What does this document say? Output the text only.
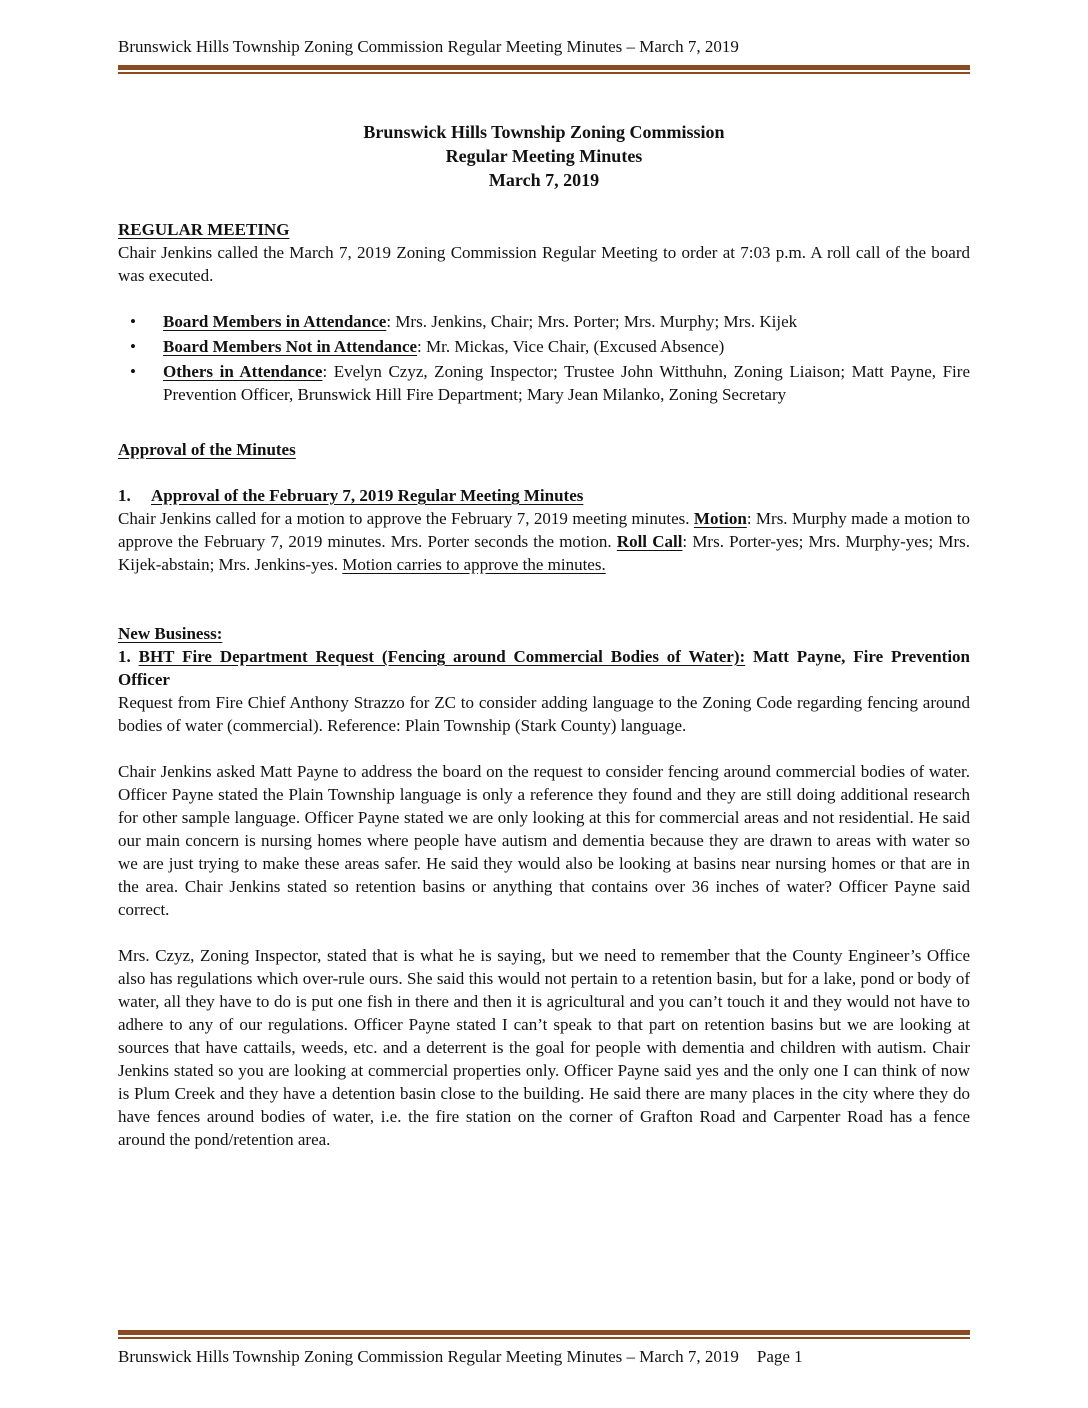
Brunswick Hills Township Zoning Commission Regular Meeting Minutes – March 7, 2019
Brunswick Hills Township Zoning Commission
Regular Meeting Minutes
March 7, 2019
REGULAR MEETING

Chair Jenkins called the March 7, 2019 Zoning Commission Regular Meeting to order at 7:03 p.m. A roll call of the board was executed.

• Board Members in Attendance: Mrs. Jenkins, Chair; Mrs. Porter; Mrs. Murphy; Mrs. Kijek
• Board Members Not in Attendance: Mr. Mickas, Vice Chair, (Excused Absence)
• Others in Attendance: Evelyn Czyz, Zoning Inspector; Trustee John Witthuhn, Zoning Liaison; Matt Payne, Fire Prevention Officer, Brunswick Hill Fire Department; Mary Jean Milanko, Zoning Secretary
Approval of the Minutes

1. Approval of the February 7, 2019 Regular Meeting Minutes

Chair Jenkins called for a motion to approve the February 7, 2019 meeting minutes. Motion: Mrs. Murphy made a motion to approve the February 7, 2019 minutes. Mrs. Porter seconds the motion. Roll Call: Mrs. Porter-yes; Mrs. Murphy-yes; Mrs. Kijek-abstain; Mrs. Jenkins-yes. Motion carries to approve the minutes.

New Business:

1. BHT Fire Department Request (Fencing around Commercial Bodies of Water): Matt Payne, Fire Prevention Officer

Request from Fire Chief Anthony Strazzo for ZC to consider adding language to the Zoning Code regarding fencing around bodies of water (commercial). Reference: Plain Township (Stark County) language.

Chair Jenkins asked Matt Payne to address the board on the request to consider fencing around commercial bodies of water. Officer Payne stated the Plain Township language is only a reference they found and they are still doing additional research for other sample language. Officer Payne stated we are only looking at this for commercial areas and not residential. He said our main concern is nursing homes where people have autism and dementia because they are drawn to areas with water so we are just trying to make these areas safer. He said they would also be looking at basins near nursing homes or that are in the area. Chair Jenkins stated so retention basins or anything that contains over 36 inches of water? Officer Payne said correct.

Mrs. Czyz, Zoning Inspector, stated that is what he is saying, but we need to remember that the County Engineer’s Office also has regulations which over-rule ours. She said this would not pertain to a retention basin, but for a lake, pond or body of water, all they have to do is put one fish in there and then it is agricultural and you can’t touch it and they would not have to adhere to any of our regulations. Officer Payne stated I can’t speak to that part on retention basins but we are looking at sources that have cattails, weeds, etc. and a deterrent is the goal for people with dementia and children with autism. Chair Jenkins stated so you are looking at commercial properties only. Officer Payne said yes and the only one I can think of now is Plum Creek and they have a detention basin close to the building. He said there are many places in the city where they do have fences around bodies of water, i.e. the fire station on the corner of Grafton Road and Carpenter Road has a fence around the pond/retention area.

Brunswick Hills Township Zoning Commission Regular Meeting Minutes – March 7, 2019 Page 1
